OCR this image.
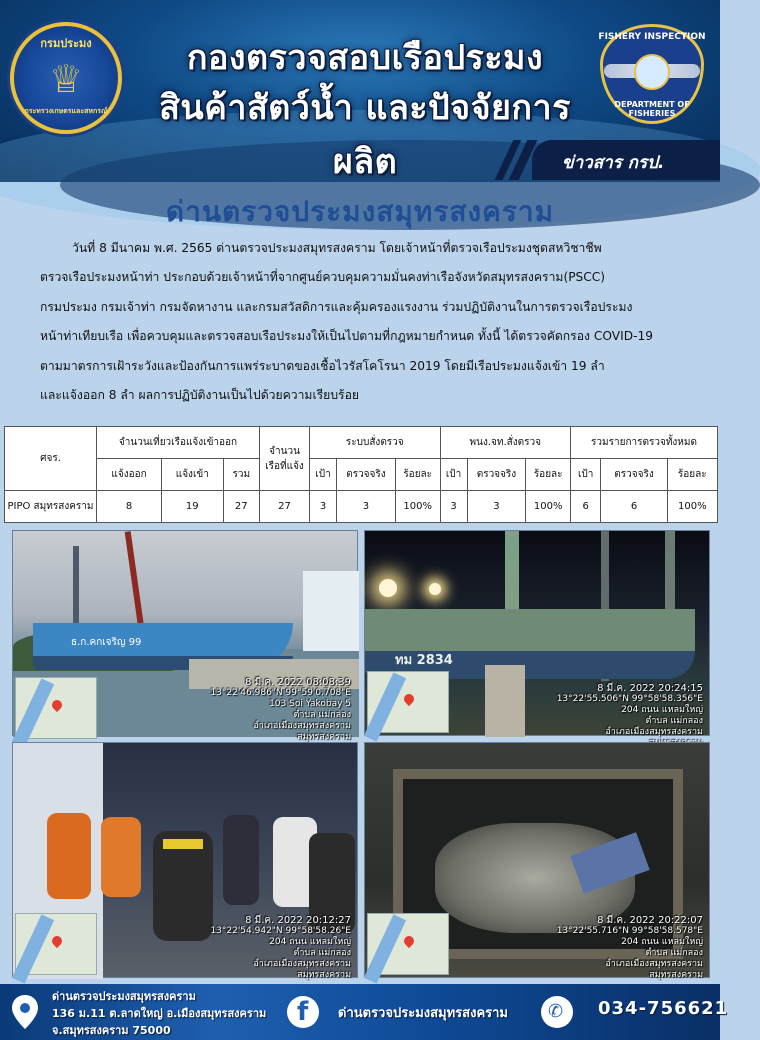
กรมประมง
♕
กระทรวงเกษตรและสหกรณ์
กองตรวจสอบเรือประมง
สินค้าสัตว์น้ำ และปัจจัยการผลิต
FISHERY INSPECTION
DEPARTMENT OF FISHERIES
ข่าวสาร กรป.
ด่านตรวจประมงสมุทรสงคราม
วันที่ 8 มีนาคม พ.ศ. 2565 ด่านตรวจประมงสมุทรสงคราม โดยเจ้าหน้าที่ตรวจเรือประมงชุดสหวิชาชีพ
ตรวจเรือประมงหน้าท่า ประกอบด้วยเจ้าหน้าที่จากศูนย์ควบคุมความมั่นคงท่าเรือจังหวัดสมุทรสงคราม(PSCC)
กรมประมง กรมเจ้าท่า กรมจัดหางาน และกรมสวัสดิการและคุ้มครองแรงงาน ร่วมปฏิบัติงานในการตรวจเรือประมง
หน้าท่าเทียบเรือ เพื่อควบคุมและตรวจสอบเรือประมงให้เป็นไปตามที่กฎหมายกำหนด ทั้งนี้ ได้ตรวจคัดกรอง COVID-19
ตามมาตรการเฝ้าระวังและป้องกันการแพร่ระบาดของเชื้อไวรัสโคโรนา 2019 โดยมีเรือประมงแจ้งเข้า 19 ลำ
และแจ้งออก 8 ลำ ผลการปฏิบัติงานเป็นไปด้วยความเรียบร้อย
ศจร.	จำนวนเที่ยวเรือแจ้งเข้าออก			จำนวนเรือที่แจ้ง	ระบบสั่งตรวจ			พนง.จท.สั่งตรวจ			รวมรายการตรวจทั้งหมด		
	แจ้งออก	แจ้งเข้า	รวม		เป้า	ตรวจจริง	ร้อยละ	เป้า	ตรวจจริง	ร้อยละ	เป้า	ตรวจจริง	ร้อยละ
PIPO สมุทรสงคราม	8	19	27	27	3	3	100%	3	3	100%	6	6	100%
ธ.ก.คกเจริญ 99
8 มี.ค. 2022 08:08:39
13°22'46.986"N 99°59'0.708"E
103 Soi Yakobay 5
ตำบล แม่กลอง
อำเภอเมืองสมุทรสงคราม
สมุทรสงคราม
ทม 2834
8 มี.ค. 2022 20:24:15
13°22'55.506"N 99°58'58.356"E
204 ถนน แหลมใหญ่
ตำบล แม่กลอง
อำเภอเมืองสมุทรสงคราม
8 มี.ค. 2022 20:12:27
13°22'54.942"N 99°58'58.26"E
204 ถนน แหลมใหญ่
ตำบล แม่กลอง
อำเภอเมืองสมุทรสงคราม
สมุทรสงคราม
8 มี.ค. 2022 20:22:07
13°22'55.716"N 99°58'58.578"E
204 ถนน แหลมใหญ่
ตำบล แม่กลอง
อำเภอเมืองสมุทรสงคราม
สมุทรสงคราม
ด่านตรวจประมงสมุทรสงคราม
136 ม.11 ต.ลาดใหญ่ อ.เมืองสมุทรสงคราม
จ.สมุทรสงคราม 75000
f ด่านตรวจประมงสมุทรสงคราม ✆ 034-756621
